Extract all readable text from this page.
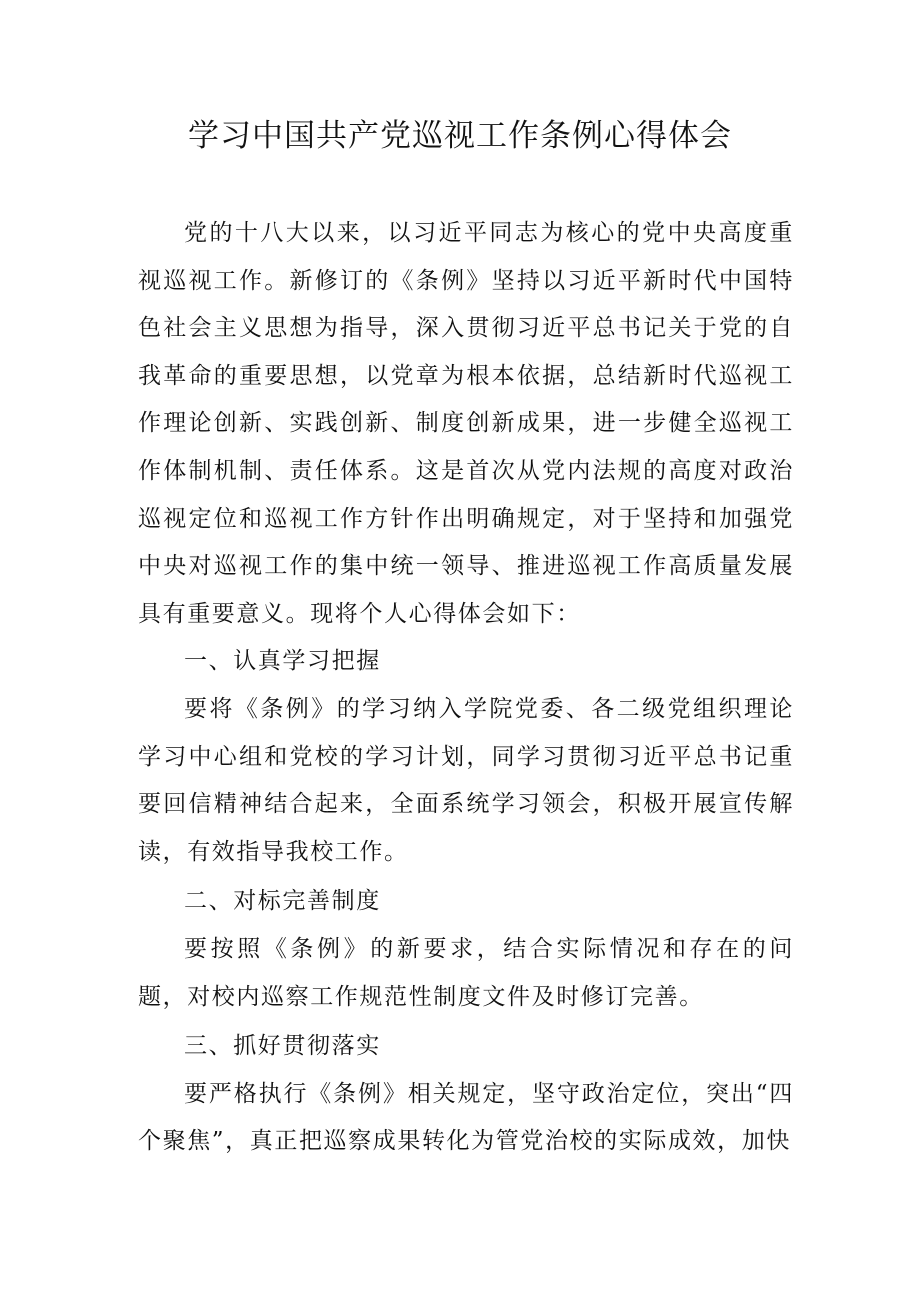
学习中国共产党巡视工作条例心得体会

党的十八大以来，以习近平同志为核心的党中央高度重视巡视工作。新修订的《条例》坚持以习近平新时代中国特色社会主义思想为指导，深入贯彻习近平总书记关于党的自我革命的重要思想，以党章为根本依据，总结新时代巡视工作理论创新、实践创新、制度创新成果，进一步健全巡视工作体制机制、责任体系。这是首次从党内法规的高度对政治巡视定位和巡视工作方针作出明确规定，对于坚持和加强党中央对巡视工作的集中统一领导、推进巡视工作高质量发展具有重要意义。现将个人心得体会如下：

一、认真学习把握

要将《条例》的学习纳入学院党委、各二级党组织理论学习中心组和党校的学习计划，同学习贯彻习近平总书记重要回信精神结合起来，全面系统学习领会，积极开展宣传解读，有效指导我校工作。

二、对标完善制度

要按照《条例》的新要求，结合实际情况和存在的问题，对校内巡察工作规范性制度文件及时修订完善。

三、抓好贯彻落实

要严格执行《条例》相关规定，坚守政治定位，突出“四个聚焦”，真正把巡察成果转化为管党治校的实际成效，加快
